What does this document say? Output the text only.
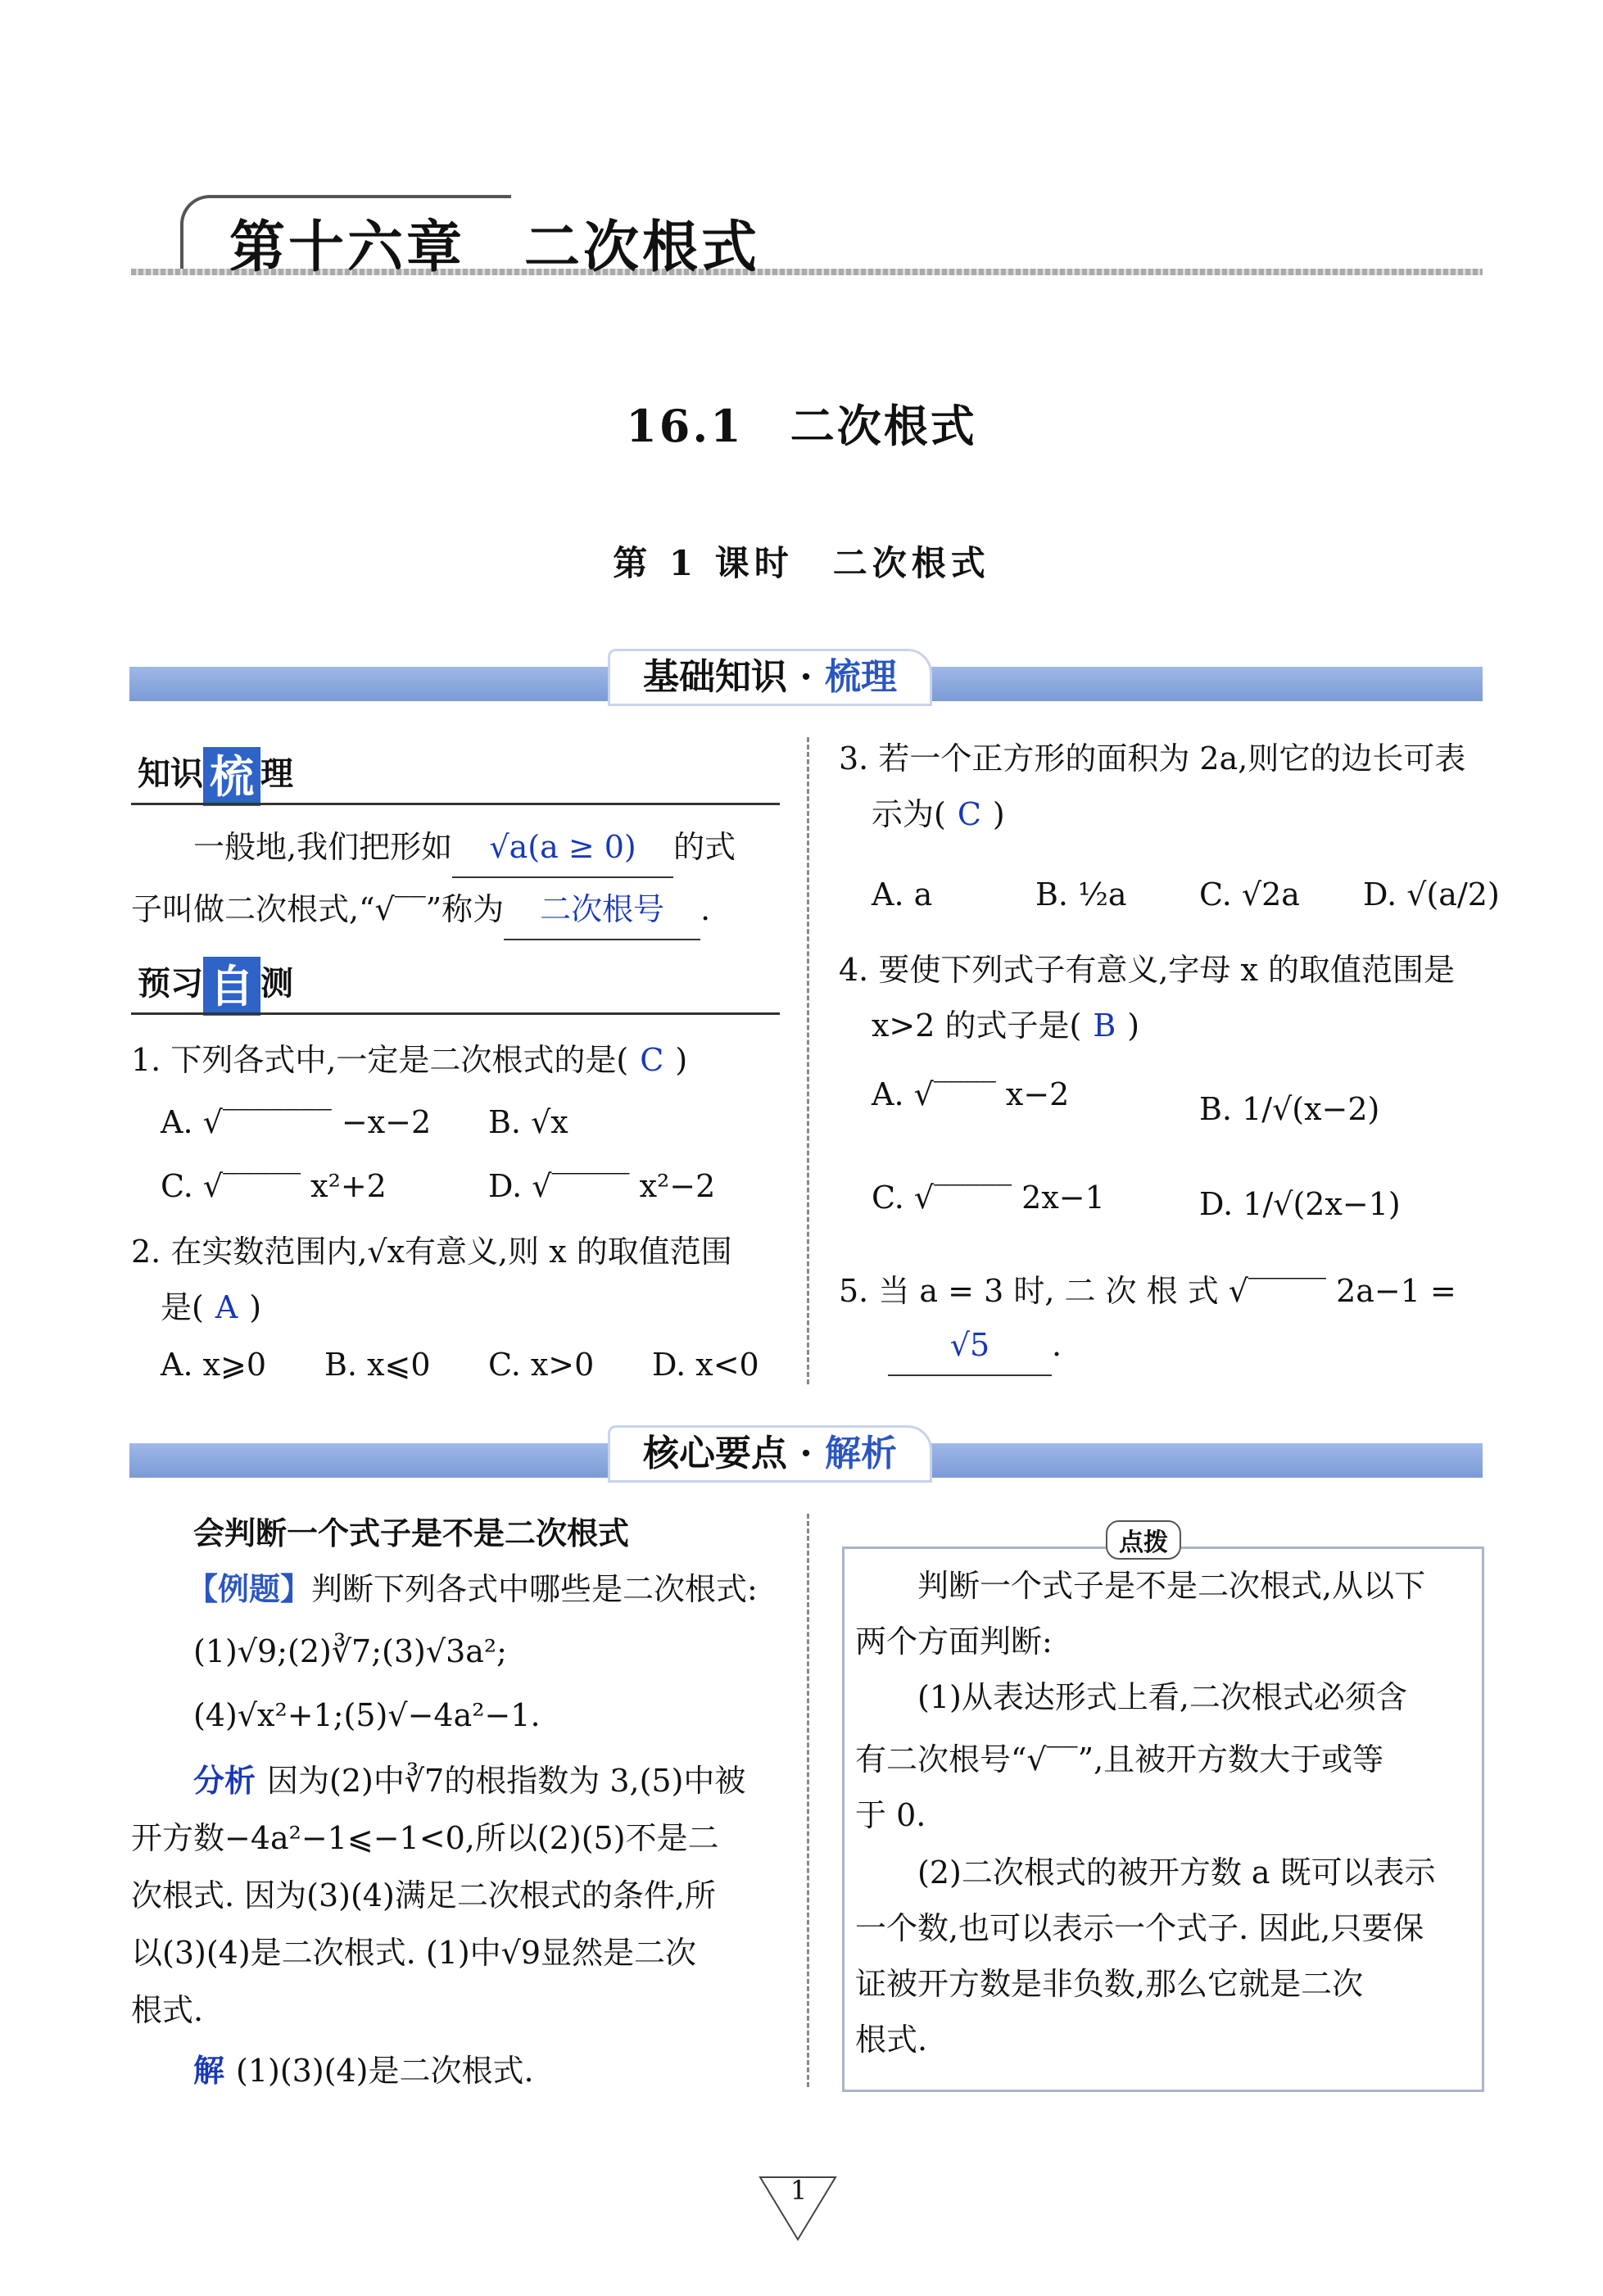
第十六章　二次根式
16.1　二次根式
第 1 课时　二次根式
基础知识 · 梳理
知识 梳 理
一般地,我们把形如 √a(a ≥ 0) 的式
子叫做二次根式,“√‾‾”称为 二次根号 .
预习 自 测
1. 下列各式中,一定是二次根式的是( C )
A. √‾‾‾‾‾‾‾ −x−2 B. √x
C. √‾‾‾‾‾ x²+2	D. √‾‾‾‾‾ x²−2
2. 在实数范围内,√x有意义,则 x 的取值范围
是( A )
A. x⩾0 B. x⩽0 C. x>0 D. x<0
3. 若一个正方形的面积为 2a,则它的边长可表
示为( C )
A. a	B. ½a C. √2a D. √(a/2)
4. 要使下列式子有意义,字母 x 的取值范围是
x>2 的式子是( B )
A. √‾‾‾‾ x−2	B. 1/√(x−2)
C. √‾‾‾‾‾ 2x−1	D. 1/√(2x−1)
5. 当 a = 3 时, 二 次 根 式 √‾‾‾‾‾ 2a−1 =
√5 .
核心要点 · 解析
会判断一个式子是不是二次根式
【例题】判断下列各式中哪些是二次根式:
(1)√9;(2)∛7;(3)√3a²;
(4)√x²+1;(5)√−4a²−1.
分析 因为(2)中∛7的根指数为 3,(5)中被
开方数−4a²−1⩽−1<0,所以(2)(5)不是二
次根式. 因为(3)(4)满足二次根式的条件,所
以(3)(4)是二次根式. (1)中√9显然是二次
根式.
解 (1)(3)(4)是二次根式.
点拨
判断一个式子是不是二次根式,从以下
两个方面判断:
(1)从表达形式上看,二次根式必须含
有二次根号“√‾‾”,且被开方数大于或等
于 0.
(2)二次根式的被开方数 a 既可以表示
一个数,也可以表示一个式子. 因此,只要保
证被开方数是非负数,那么它就是二次
根式.
1
